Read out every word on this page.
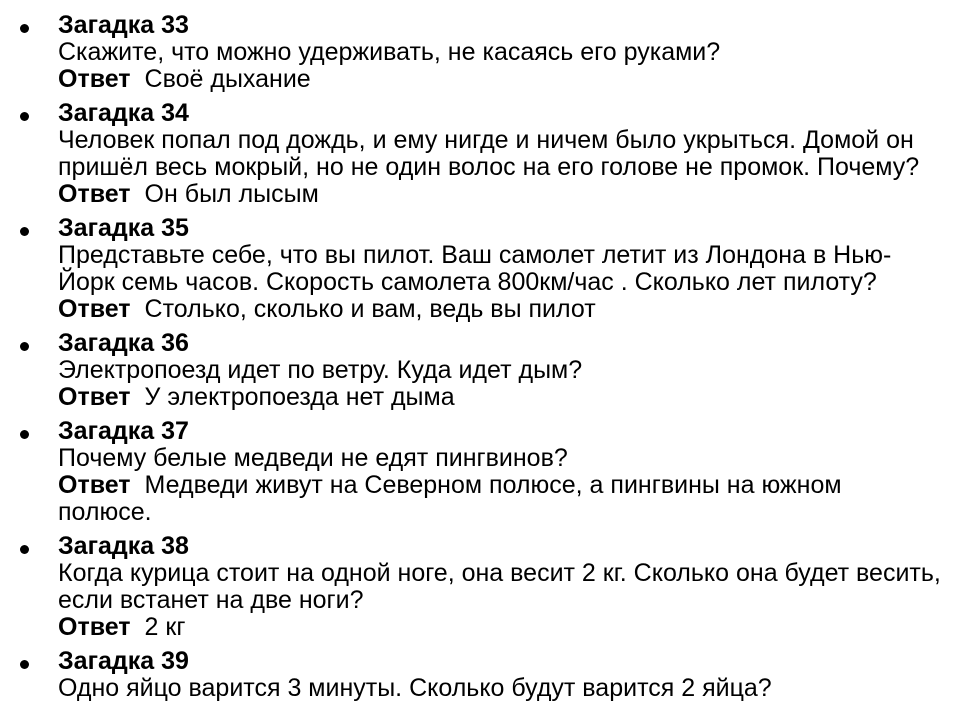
Загадка 33
Скажите, что можно удерживать, не касаясь его руками?
Ответ Своё дыхание
Загадка 34
Человек попал под дождь, и ему нигде и ничем было укрыться. Домой он пришёл весь мокрый, но не один волос на его голове не промок. Почему?
Ответ Он был лысым
Загадка 35
Представьте себе, что вы пилот. Ваш самолет летит из Лондона в Нью-Йорк семь часов. Скорость самолета 800км/час . Сколько лет пилоту?
Ответ Столько, сколько и вам, ведь вы пилот
Загадка 36
Электропоезд идет по ветру. Куда идет дым?
Ответ У электропоезда нет дыма
Загадка 37
Почему белые медведи не едят пингвинов?
Ответ Медведи живут на Северном полюсе, а пингвины на южном полюсе.
Загадка 38
Когда курица стоит на одной ноге, она весит 2 кг. Сколько она будет весить, если встанет на две ноги?
Ответ 2 кг
Загадка 39
Одно яйцо варится 3 минуты. Сколько будут варится 2 яйца?
